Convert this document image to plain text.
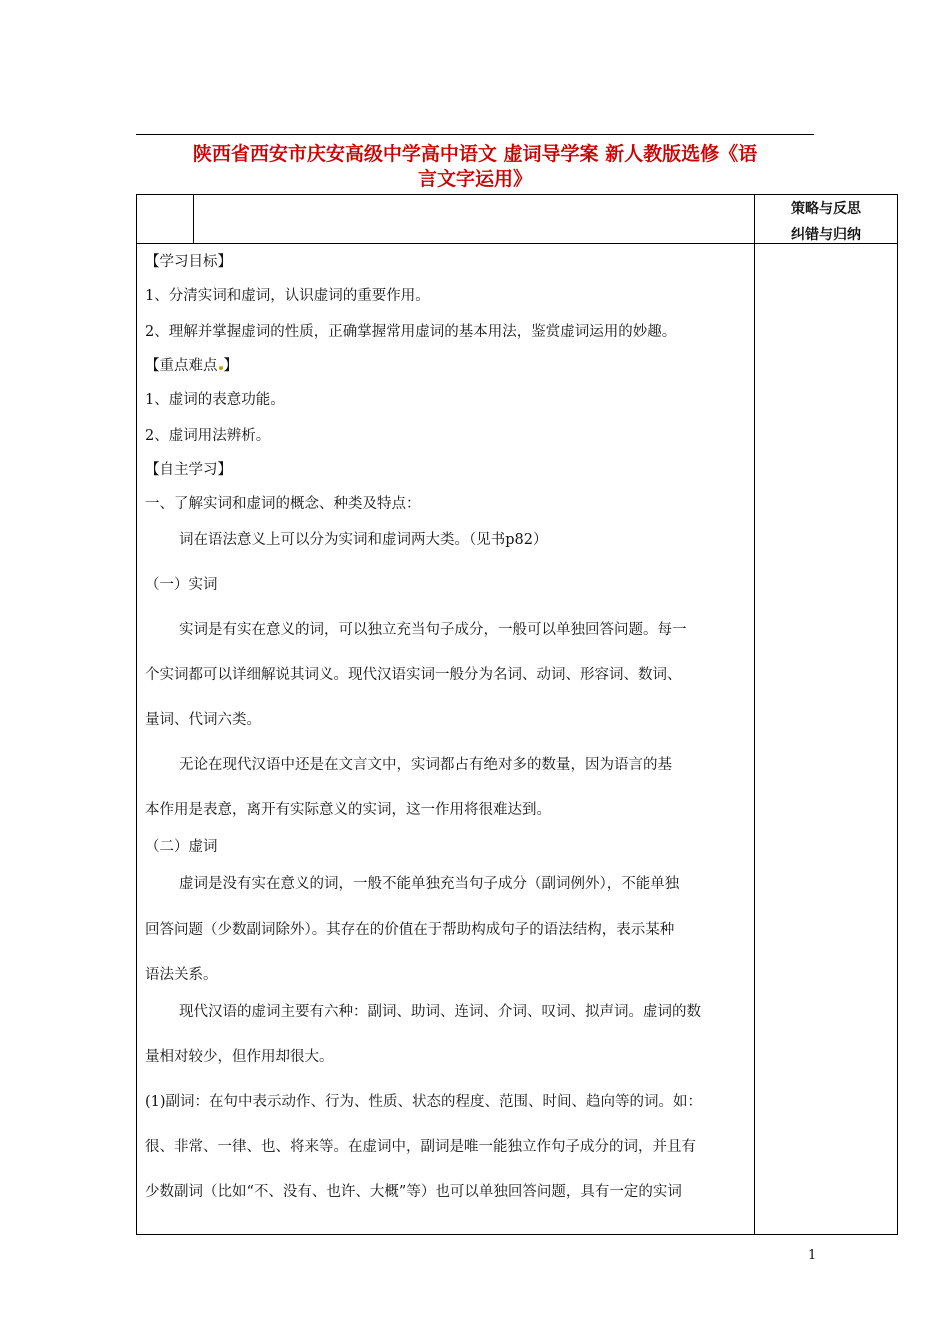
陕西省西安市庆安高级中学高中语文 虚词导学案 新人教版选修《语
言文字运用》
策略与反思
纠错与归纳
【学习目标】
1、分清实词和虚词，认识虚词的重要作用。
2、理解并掌握虚词的性质，正确掌握常用虚词的基本用法，鉴赏虚词运用的妙趣。
【重点难点 】
1、虚词的表意功能。
2、虚词用法辨析。
【自主学习】
一、了解实词和虚词的概念、种类及特点：
词在语法意义上可以分为实词和虚词两大类。（见书p82）
（一）实词
实词是有实在意义的词，可以独立充当句子成分，一般可以单独回答问题。每一
个实词都可以详细解说其词义。现代汉语实词一般分为名词、动词、形容词、数词、
量词、代词六类。
无论在现代汉语中还是在文言文中，实词都占有绝对多的数量，因为语言的基
本作用是表意，离开有实际意义的实词，这一作用将很难达到。
（二）虚词
虚词是没有实在意义的词，一般不能单独充当句子成分（副词例外），不能单独
回答问题（少数副词除外）。其存在的价值在于帮助构成句子的语法结构，表示某种
语法关系。
现代汉语的虚词主要有六种：副词、助词、连词、介词、叹词、拟声词。虚词的数
量相对较少，但作用却很大。
(1)副词：在句中表示动作、行为、性质、状态的程度、范围、时间、趋向等的词。如：
很、非常、一律、也、将来等。在虚词中，副词是唯一能独立作句子成分的词，并且有
少数副词（比如“不、没有、也许、大概”等）也可以单独回答问题，具有一定的实词
1
